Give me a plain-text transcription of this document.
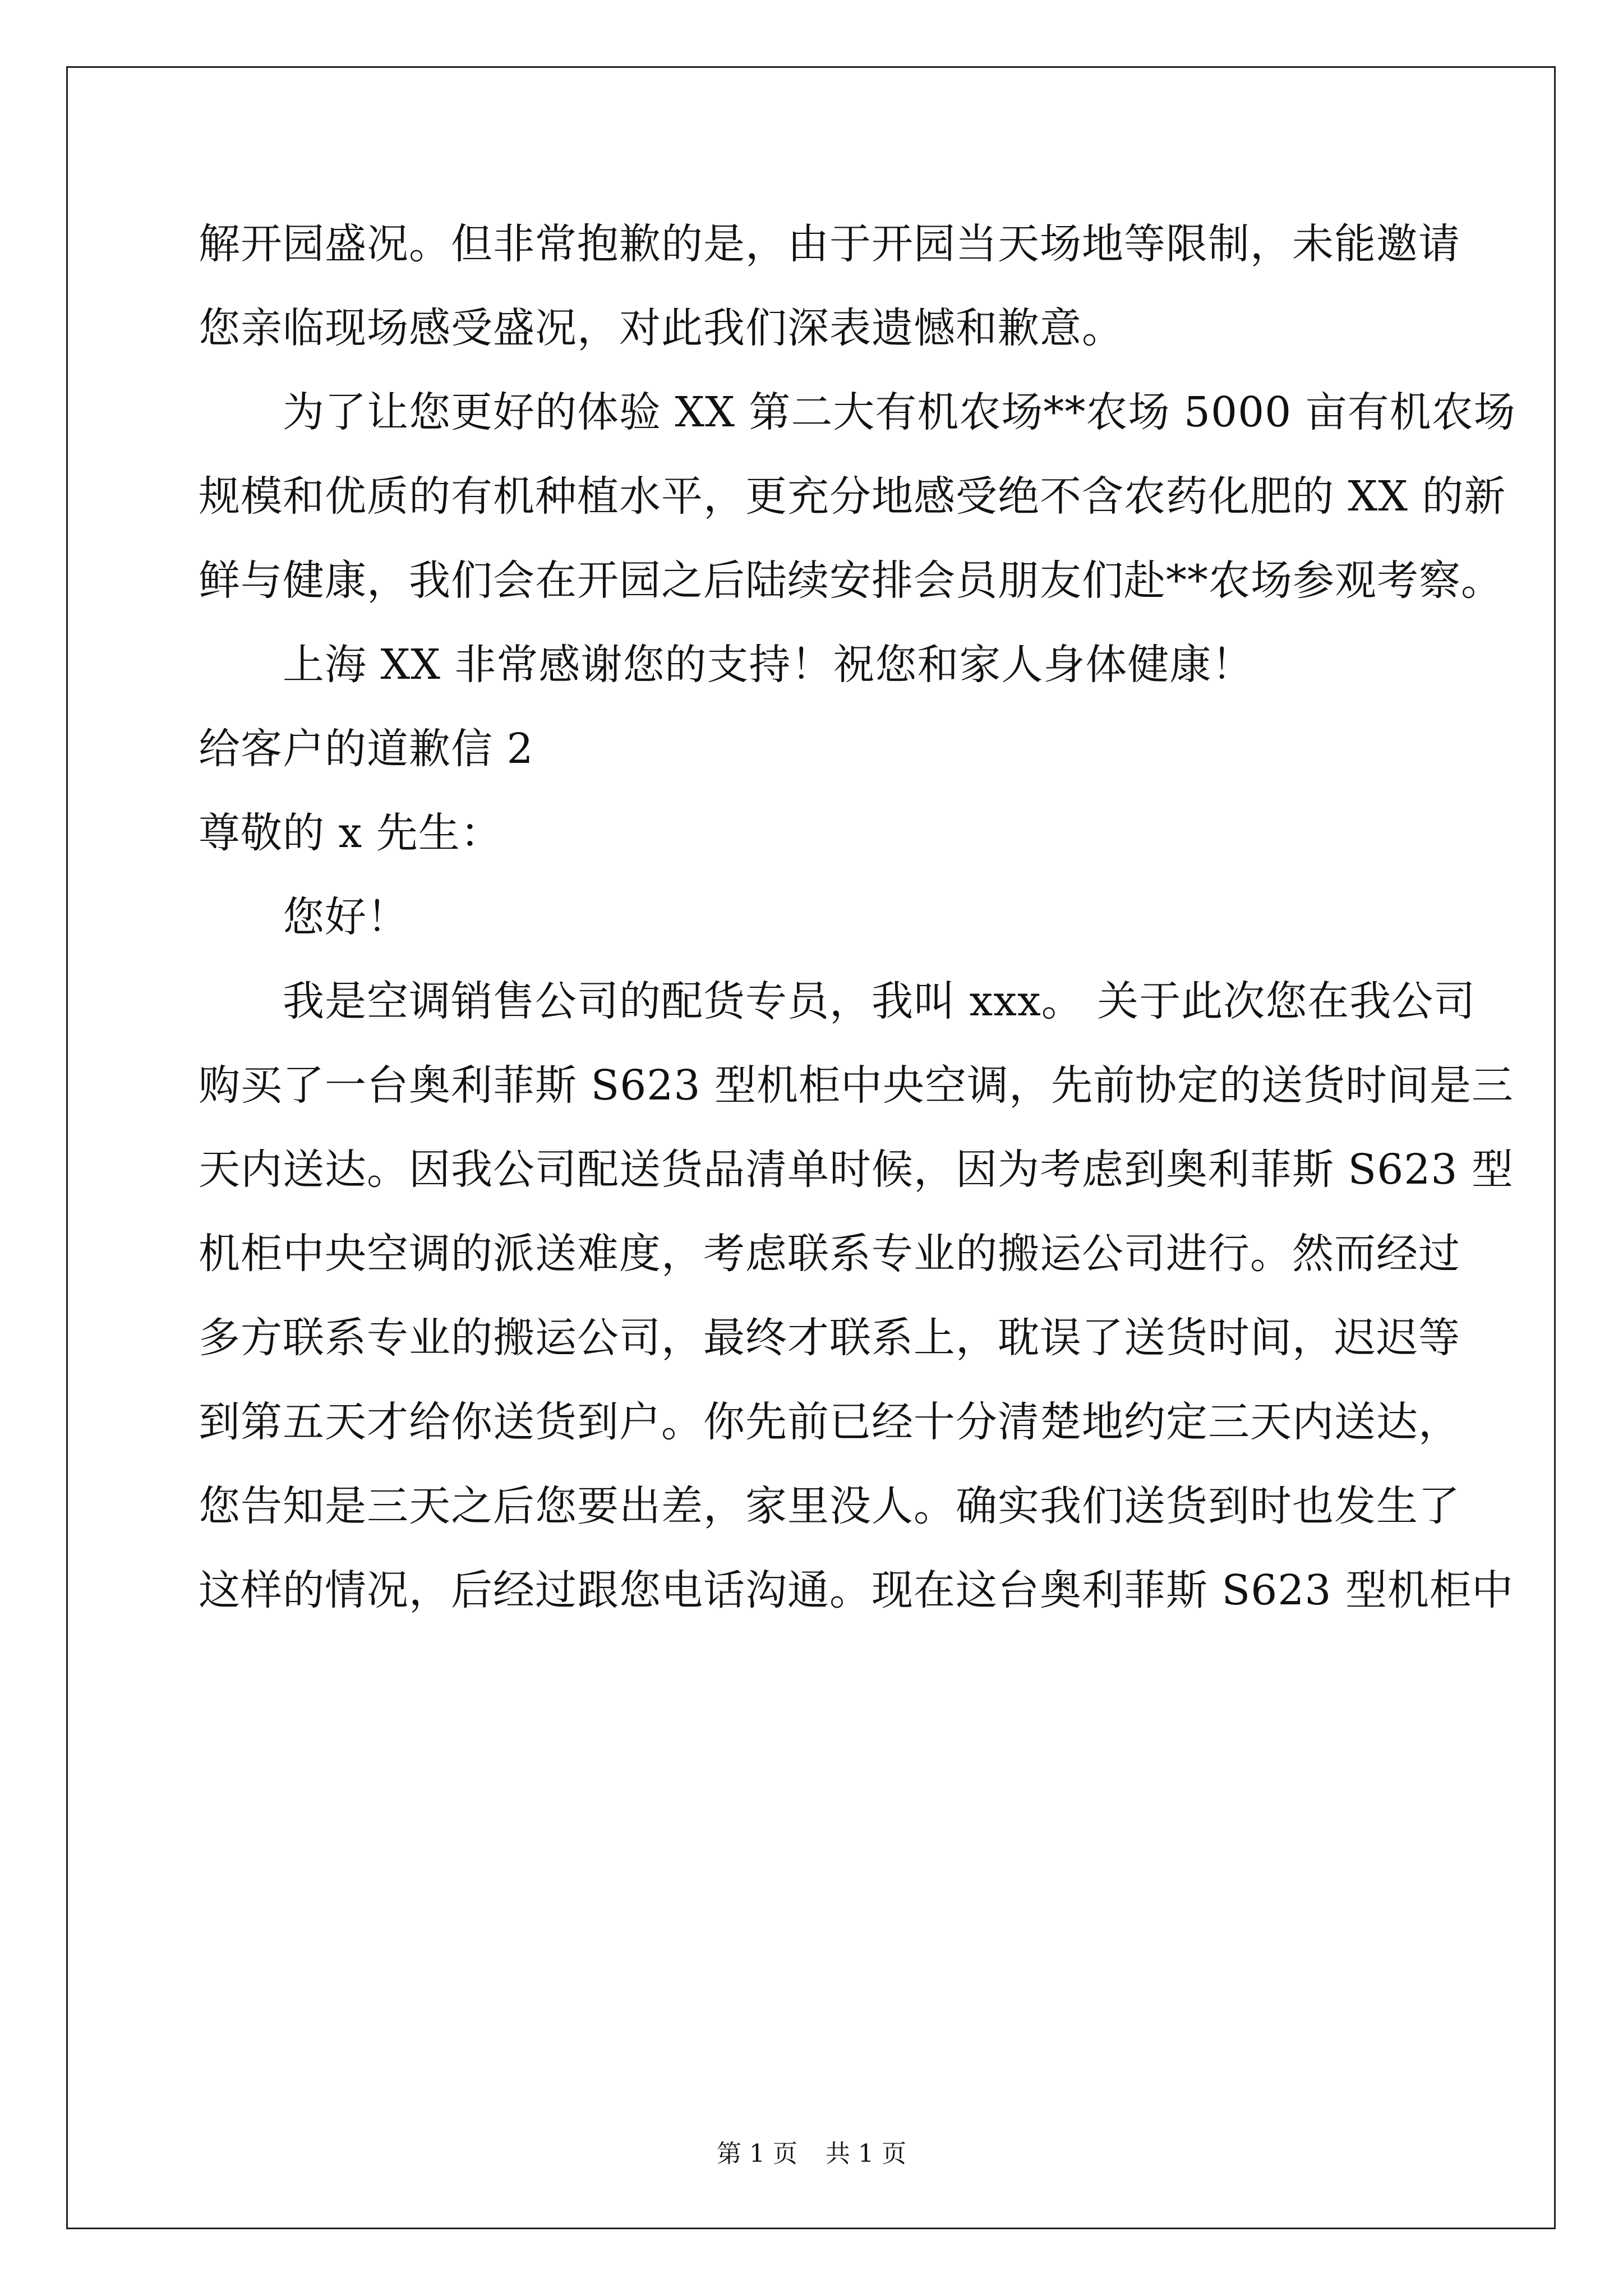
解开园盛况。但非常抱歉的是，由于开园当天场地等限制，未能邀请
您亲临现场感受盛况，对此我们深表遗憾和歉意。
为了让您更好的体验 XX 第二大有机农场**农场 5000 亩有机农场
规模和优质的有机种植水平，更充分地感受绝不含农药化肥的 XX 的新
鲜与健康，我们会在开园之后陆续安排会员朋友们赴**农场参观考察。
上海 XX 非常感谢您的支持！祝您和家人身体健康！
给客户的道歉信 2
尊敬的 x 先生：
您好！
我是空调销售公司的配货专员，我叫 xxx。 关于此次您在我公司
购买了一台奥利菲斯 S623 型机柜中央空调，先前协定的送货时间是三
天内送达。因我公司配送货品清单时候，因为考虑到奥利菲斯 S623 型
机柜中央空调的派送难度，考虑联系专业的搬运公司进行。然而经过
多方联系专业的搬运公司，最终才联系上，耽误了送货时间，迟迟等
到第五天才给你送货到户。你先前已经十分清楚地约定三天内送达，
您告知是三天之后您要出差，家里没人。确实我们送货到时也发生了
这样的情况，后经过跟您电话沟通。现在这台奥利菲斯 S623 型机柜中
第 1 页 共 1 页
